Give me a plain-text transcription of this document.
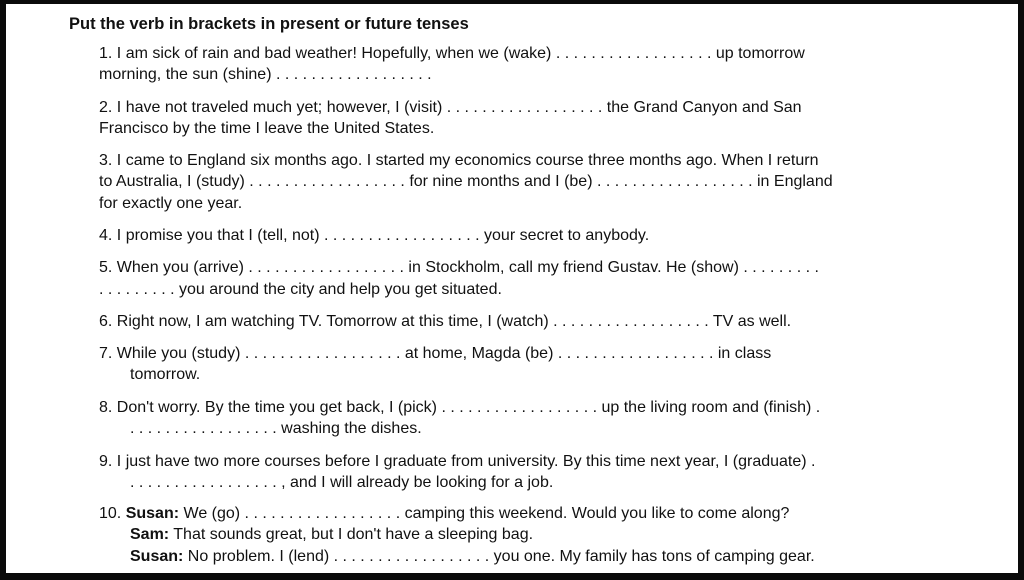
Put the verb in brackets in present or future tenses
1. I am sick of rain and bad weather! Hopefully, when we (wake) . . . . . . . . . . . . . . . . . . up tomorrow
morning, the sun (shine) . . . . . . . . . . . . . . . . . .
2. I have not traveled much yet; however, I (visit) . . . . . . . . . . . . . . . . . . the Grand Canyon and San
Francisco by the time I leave the United States.
3. I came to England six months ago. I started my economics course three months ago. When I return
to Australia, I (study) . . . . . . . . . . . . . . . . . . for nine months and I (be) . . . . . . . . . . . . . . . . . . in England
for exactly one year.
4. I promise you that I (tell, not) . . . . . . . . . . . . . . . . . . your secret to anybody.
5. When you (arrive) . . . . . . . . . . . . . . . . . . in Stockholm, call my friend Gustav. He (show) . . . . . . . . .
. . . . . . . . . you around the city and help you get situated.
6. Right now, I am watching TV. Tomorrow at this time, I (watch) . . . . . . . . . . . . . . . . . . TV as well.
7. While you (study) . . . . . . . . . . . . . . . . . . at home, Magda (be) . . . . . . . . . . . . . . . . . . in class
tomorrow.
8. Don't worry. By the time you get back, I (pick) . . . . . . . . . . . . . . . . . . up the living room and (finish) .
. . . . . . . . . . . . . . . . . washing the dishes.
9. I just have two more courses before I graduate from university. By this time next year, I (graduate) .
. . . . . . . . . . . . . . . . . , and I will already be looking for a job.
10. Susan: We (go) . . . . . . . . . . . . . . . . . . camping this weekend. Would you like to come along?
Sam: That sounds great, but I don't have a sleeping bag.
Susan: No problem. I (lend) . . . . . . . . . . . . . . . . . . you one. My family has tons of camping gear.
